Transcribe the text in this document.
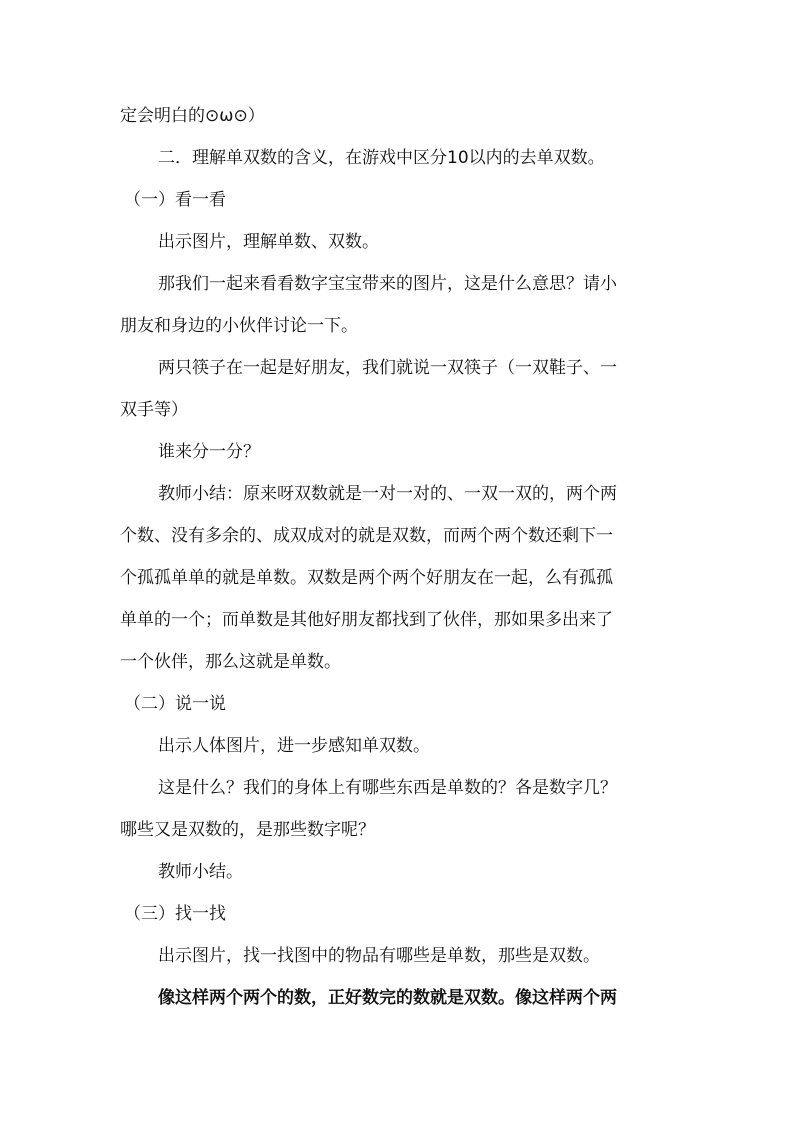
定会明白的⊙ω⊙）
二．理解单双数的含义，在游戏中区分10以内的去单双数。
（一）看一看
出示图片，理解单数、双数。
那我们一起来看看数字宝宝带来的图片，这是什么意思？请小
朋友和身边的小伙伴讨论一下。
两只筷子在一起是好朋友，我们就说一双筷子（一双鞋子、一
双手等）
谁来分一分？
教师小结：原来呀双数就是一对一对的、一双一双的，两个两
个数、没有多余的、成双成对的就是双数，而两个两个数还剩下一
个孤孤单单的就是单数。双数是两个两个好朋友在一起，么有孤孤
单单的一个；而单数是其他好朋友都找到了伙伴，那如果多出来了
一个伙伴，那么这就是单数。
（二）说一说
出示人体图片，进一步感知单双数。
这是什么？我们的身体上有哪些东西是单数的？各是数字几？
哪些又是双数的，是那些数字呢？
教师小结。
（三）找一找
出示图片，找一找图中的物品有哪些是单数，那些是双数。
像这样两个两个的数，正好数完的数就是双数。像这样两个两
